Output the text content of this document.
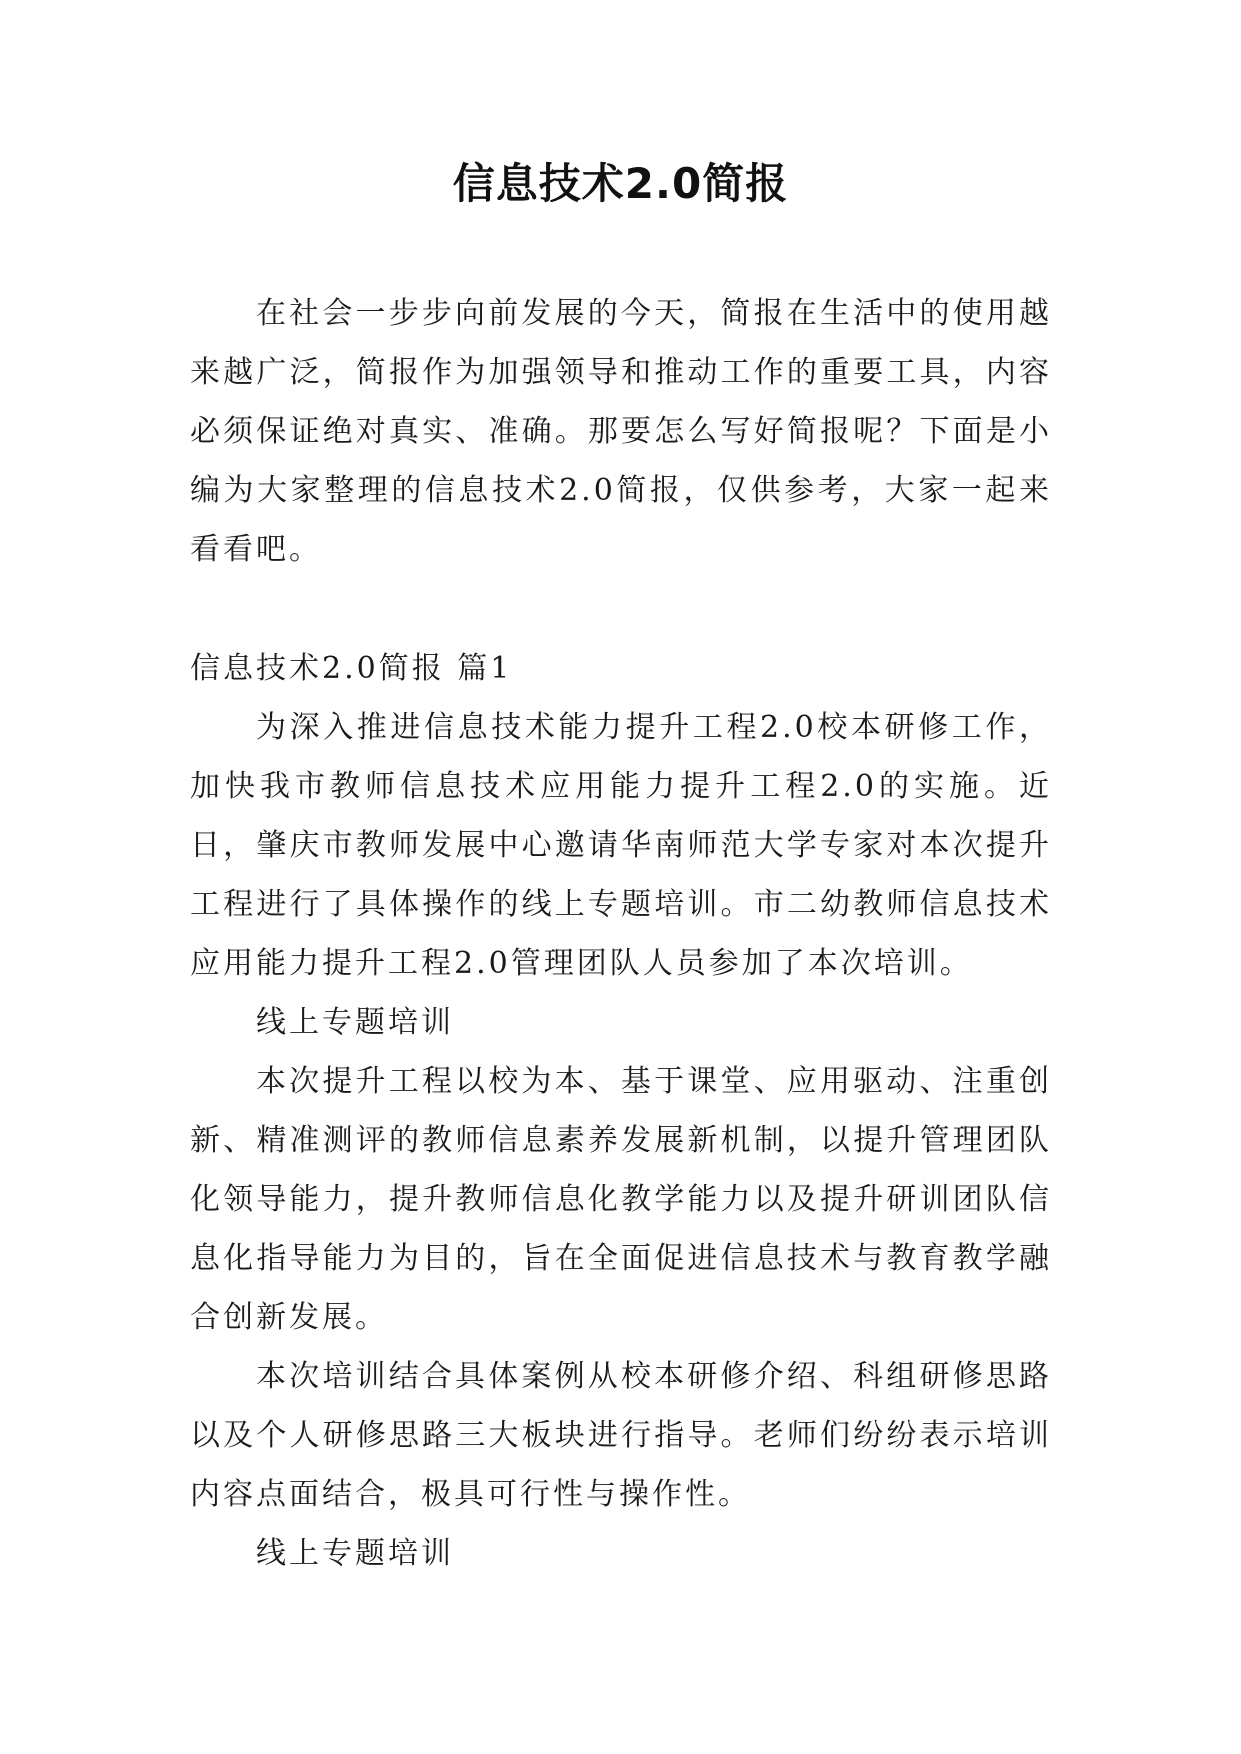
信息技术2.0简报

在社会一步步向前发展的今天，简报在生活中的使用越来越广泛，简报作为加强领导和推动工作的重要工具，内容必须保证绝对真实、准确。那要怎么写好简报呢？下面是小编为大家整理的信息技术2.0简报，仅供参考，大家一起来看看吧。

信息技术2.0简报 篇1

为深入推进信息技术能力提升工程2.0校本研修工作，加快我市教师信息技术应用能力提升工程2.0的实施。近日，肇庆市教师发展中心邀请华南师范大学专家对本次提升工程进行了具体操作的线上专题培训。市二幼教师信息技术应用能力提升工程2.0管理团队人员参加了本次培训。

线上专题培训

本次提升工程以校为本、基于课堂、应用驱动、注重创新、精准测评的教师信息素养发展新机制，以提升管理团队化领导能力，提升教师信息化教学能力以及提升研训团队信息化指导能力为目的，旨在全面促进信息技术与教育教学融合创新发展。

本次培训结合具体案例从校本研修介绍、科组研修思路以及个人研修思路三大板块进行指导。老师们纷纷表示培训内容点面结合，极具可行性与操作性。

线上专题培训
